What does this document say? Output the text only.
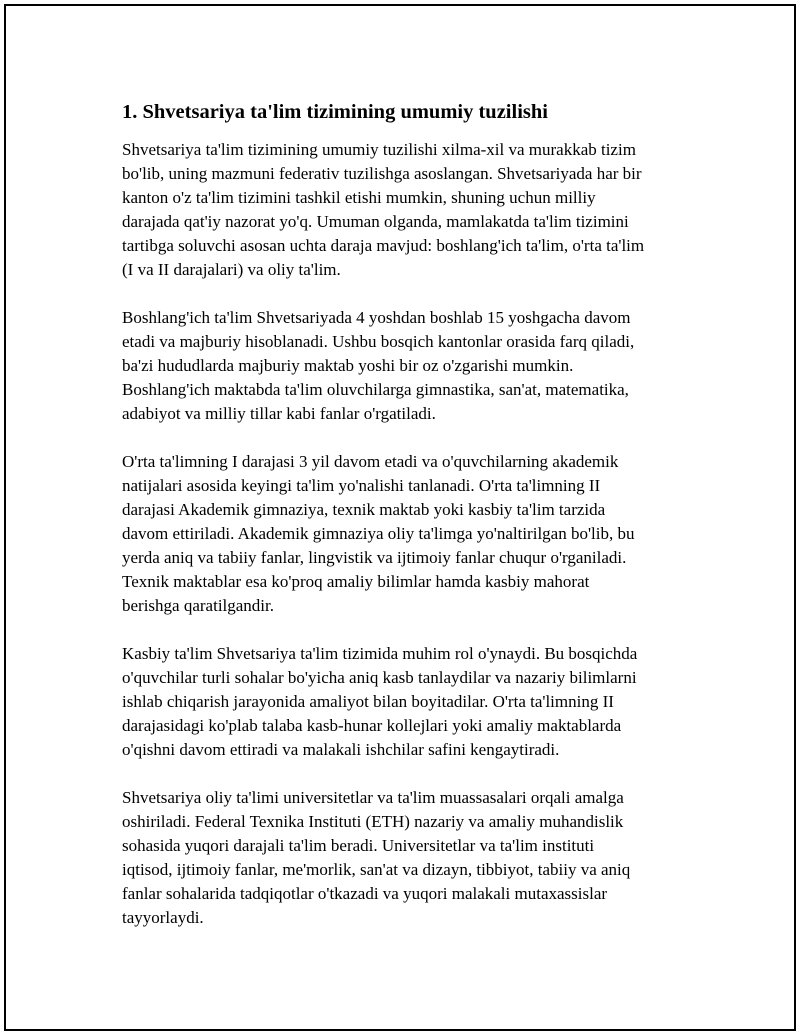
1. Shvetsariya ta'lim tizimining umumiy tuzilishi

Shvetsariya ta'lim tizimining umumiy tuzilishi xilma-xil va murakkab tizim
bo'lib, uning mazmuni federativ tuzilishga asoslangan. Shvetsariyada har bir
kanton o'z ta'lim tizimini tashkil etishi mumkin, shuning uchun milliy
darajada qat'iy nazorat yo'q. Umuman olganda, mamlakatda ta'lim tizimini
tartibga soluvchi asosan uchta daraja mavjud: boshlang'ich ta'lim, o'rta ta'lim
(I va II darajalari) va oliy ta'lim.

Boshlang'ich ta'lim Shvetsariyada 4 yoshdan boshlab 15 yoshgacha davom
etadi va majburiy hisoblanadi. Ushbu bosqich kantonlar orasida farq qiladi,
ba'zi hududlarda majburiy maktab yoshi bir oz o'zgarishi mumkin.
Boshlang'ich maktabda ta'lim oluvchilarga gimnastika, san'at, matematika,
adabiyot va milliy tillar kabi fanlar o'rgatiladi.

O'rta ta'limning I darajasi 3 yil davom etadi va o'quvchilarning akademik
natijalari asosida keyingi ta'lim yo'nalishi tanlanadi. O'rta ta'limning II
darajasi Akademik gimnaziya, texnik maktab yoki kasbiy ta'lim tarzida
davom ettiriladi. Akademik gimnaziya oliy ta'limga yo'naltirilgan bo'lib, bu
yerda aniq va tabiiy fanlar, lingvistik va ijtimoiy fanlar chuqur o'rganiladi.
Texnik maktablar esa ko'proq amaliy bilimlar hamda kasbiy mahorat
berishga qaratilgandir.

Kasbiy ta'lim Shvetsariya ta'lim tizimida muhim rol o'ynaydi. Bu bosqichda
o'quvchilar turli sohalar bo'yicha aniq kasb tanlaydilar va nazariy bilimlarni
ishlab chiqarish jarayonida amaliyot bilan boyitadilar. O'rta ta'limning II
darajasidagi ko'plab talaba kasb-hunar kollejlari yoki amaliy maktablarda
o'qishni davom ettiradi va malakali ishchilar safini kengaytiradi.

Shvetsariya oliy ta'limi universitetlar va ta'lim muassasalari orqali amalga
oshiriladi. Federal Texnika Instituti (ETH) nazariy va amaliy muhandislik
sohasida yuqori darajali ta'lim beradi. Universitetlar va ta'lim instituti
iqtisod, ijtimoiy fanlar, me'morlik, san'at va dizayn, tibbiyot, tabiiy va aniq
fanlar sohalarida tadqiqotlar o'tkazadi va yuqori malakali mutaxassislar
tayyorlaydi.
